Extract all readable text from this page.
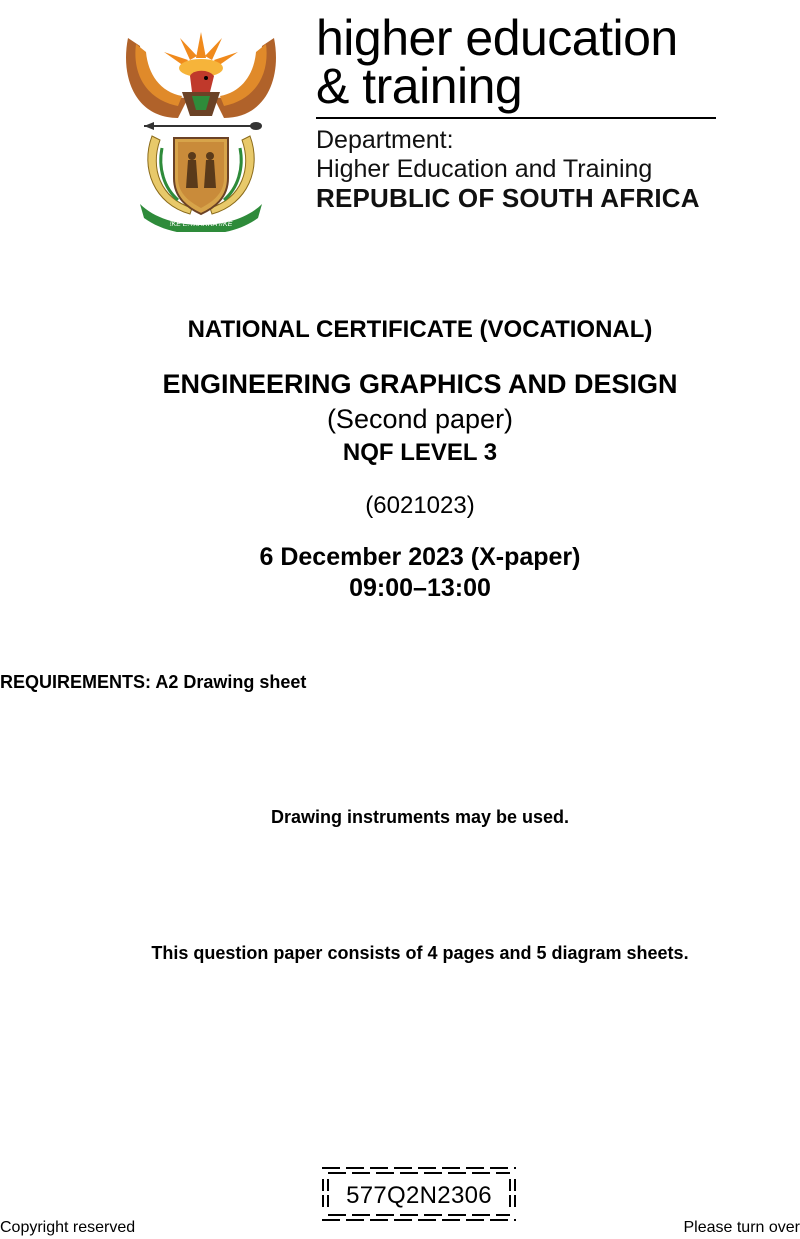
!KE E: /XARRA //KE
higher education
& training
Department:
Higher Education and Training
REPUBLIC OF SOUTH AFRICA
NATIONAL CERTIFICATE (VOCATIONAL)
ENGINEERING GRAPHICS AND DESIGN
(Second paper)
NQF LEVEL 3
(6021023)
6 December 2023 (X-paper)
09:00–13:00
REQUIREMENTS: A2 Drawing sheet
Drawing instruments may be used.
This question paper consists of 4 pages and 5 diagram sheets.
577Q2N2306
Copyright reserved	Please turn over
